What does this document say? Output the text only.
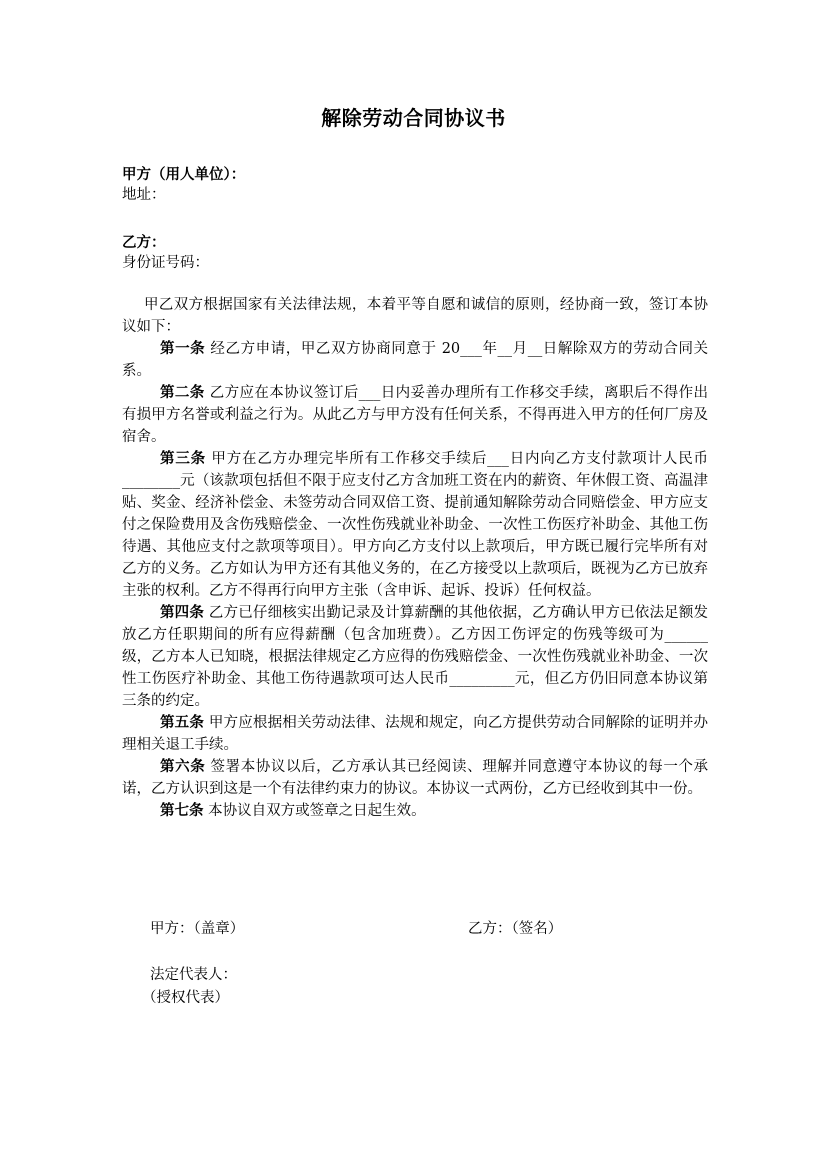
解除劳动合同协议书
甲方（用人单位）：
地址：
乙方：
身份证号码：

甲乙双方根据国家有关法律法规，本着平等自愿和诚信的原则，经协商一致，签订本协议如下：

第一条 经乙方申请，甲乙双方协商同意于 20___年__月__日解除双方的劳动合同关系。

第二条 乙方应在本协议签订后___日内妥善办理所有工作移交手续，离职后不得作出有损甲方名誉或利益之行为。从此乙方与甲方没有任何关系，不得再进入甲方的任何厂房及宿舍。

第三条 甲方在乙方办理完毕所有工作移交手续后___日内向乙方支付款项计人民币________元（该款项包括但不限于应支付乙方含加班工资在内的薪资、年休假工资、高温津贴、奖金、经济补偿金、未签劳动合同双倍工资、提前通知解除劳动合同赔偿金、甲方应支付之保险费用及含伤残赔偿金、一次性伤残就业补助金、一次性工伤医疗补助金、其他工伤待遇、其他应支付之款项等项目）。甲方向乙方支付以上款项后，甲方既已履行完毕所有对乙方的义务。乙方如认为甲方还有其他义务的，在乙方接受以上款项后，既视为乙方已放弃主张的权利。乙方不得再行向甲方主张（含申诉、起诉、投诉）任何权益。

第四条 乙方已仔细核实出勤记录及计算薪酬的其他依据，乙方确认甲方已依法足额发放乙方任职期间的所有应得薪酬（包含加班费）。乙方因工伤评定的伤残等级可为______级，乙方本人已知晓，根据法律规定乙方应得的伤残赔偿金、一次性伤残就业补助金、一次性工伤医疗补助金、其他工伤待遇款项可达人民币_________元，但乙方仍旧同意本协议第三条的约定。

第五条 甲方应根据相关劳动法律、法规和规定，向乙方提供劳动合同解除的证明并办理相关退工手续。

第六条 签署本协议以后，乙方承认其已经阅读、理解并同意遵守本协议的每一个承诺，乙方认识到这是一个有法律约束力的协议。本协议一式两份，乙方已经收到其中一份。

第七条 本协议自双方或签章之日起生效。

甲方：（盖章）	乙方：（签名）
法定代表人：
（授权代表）
